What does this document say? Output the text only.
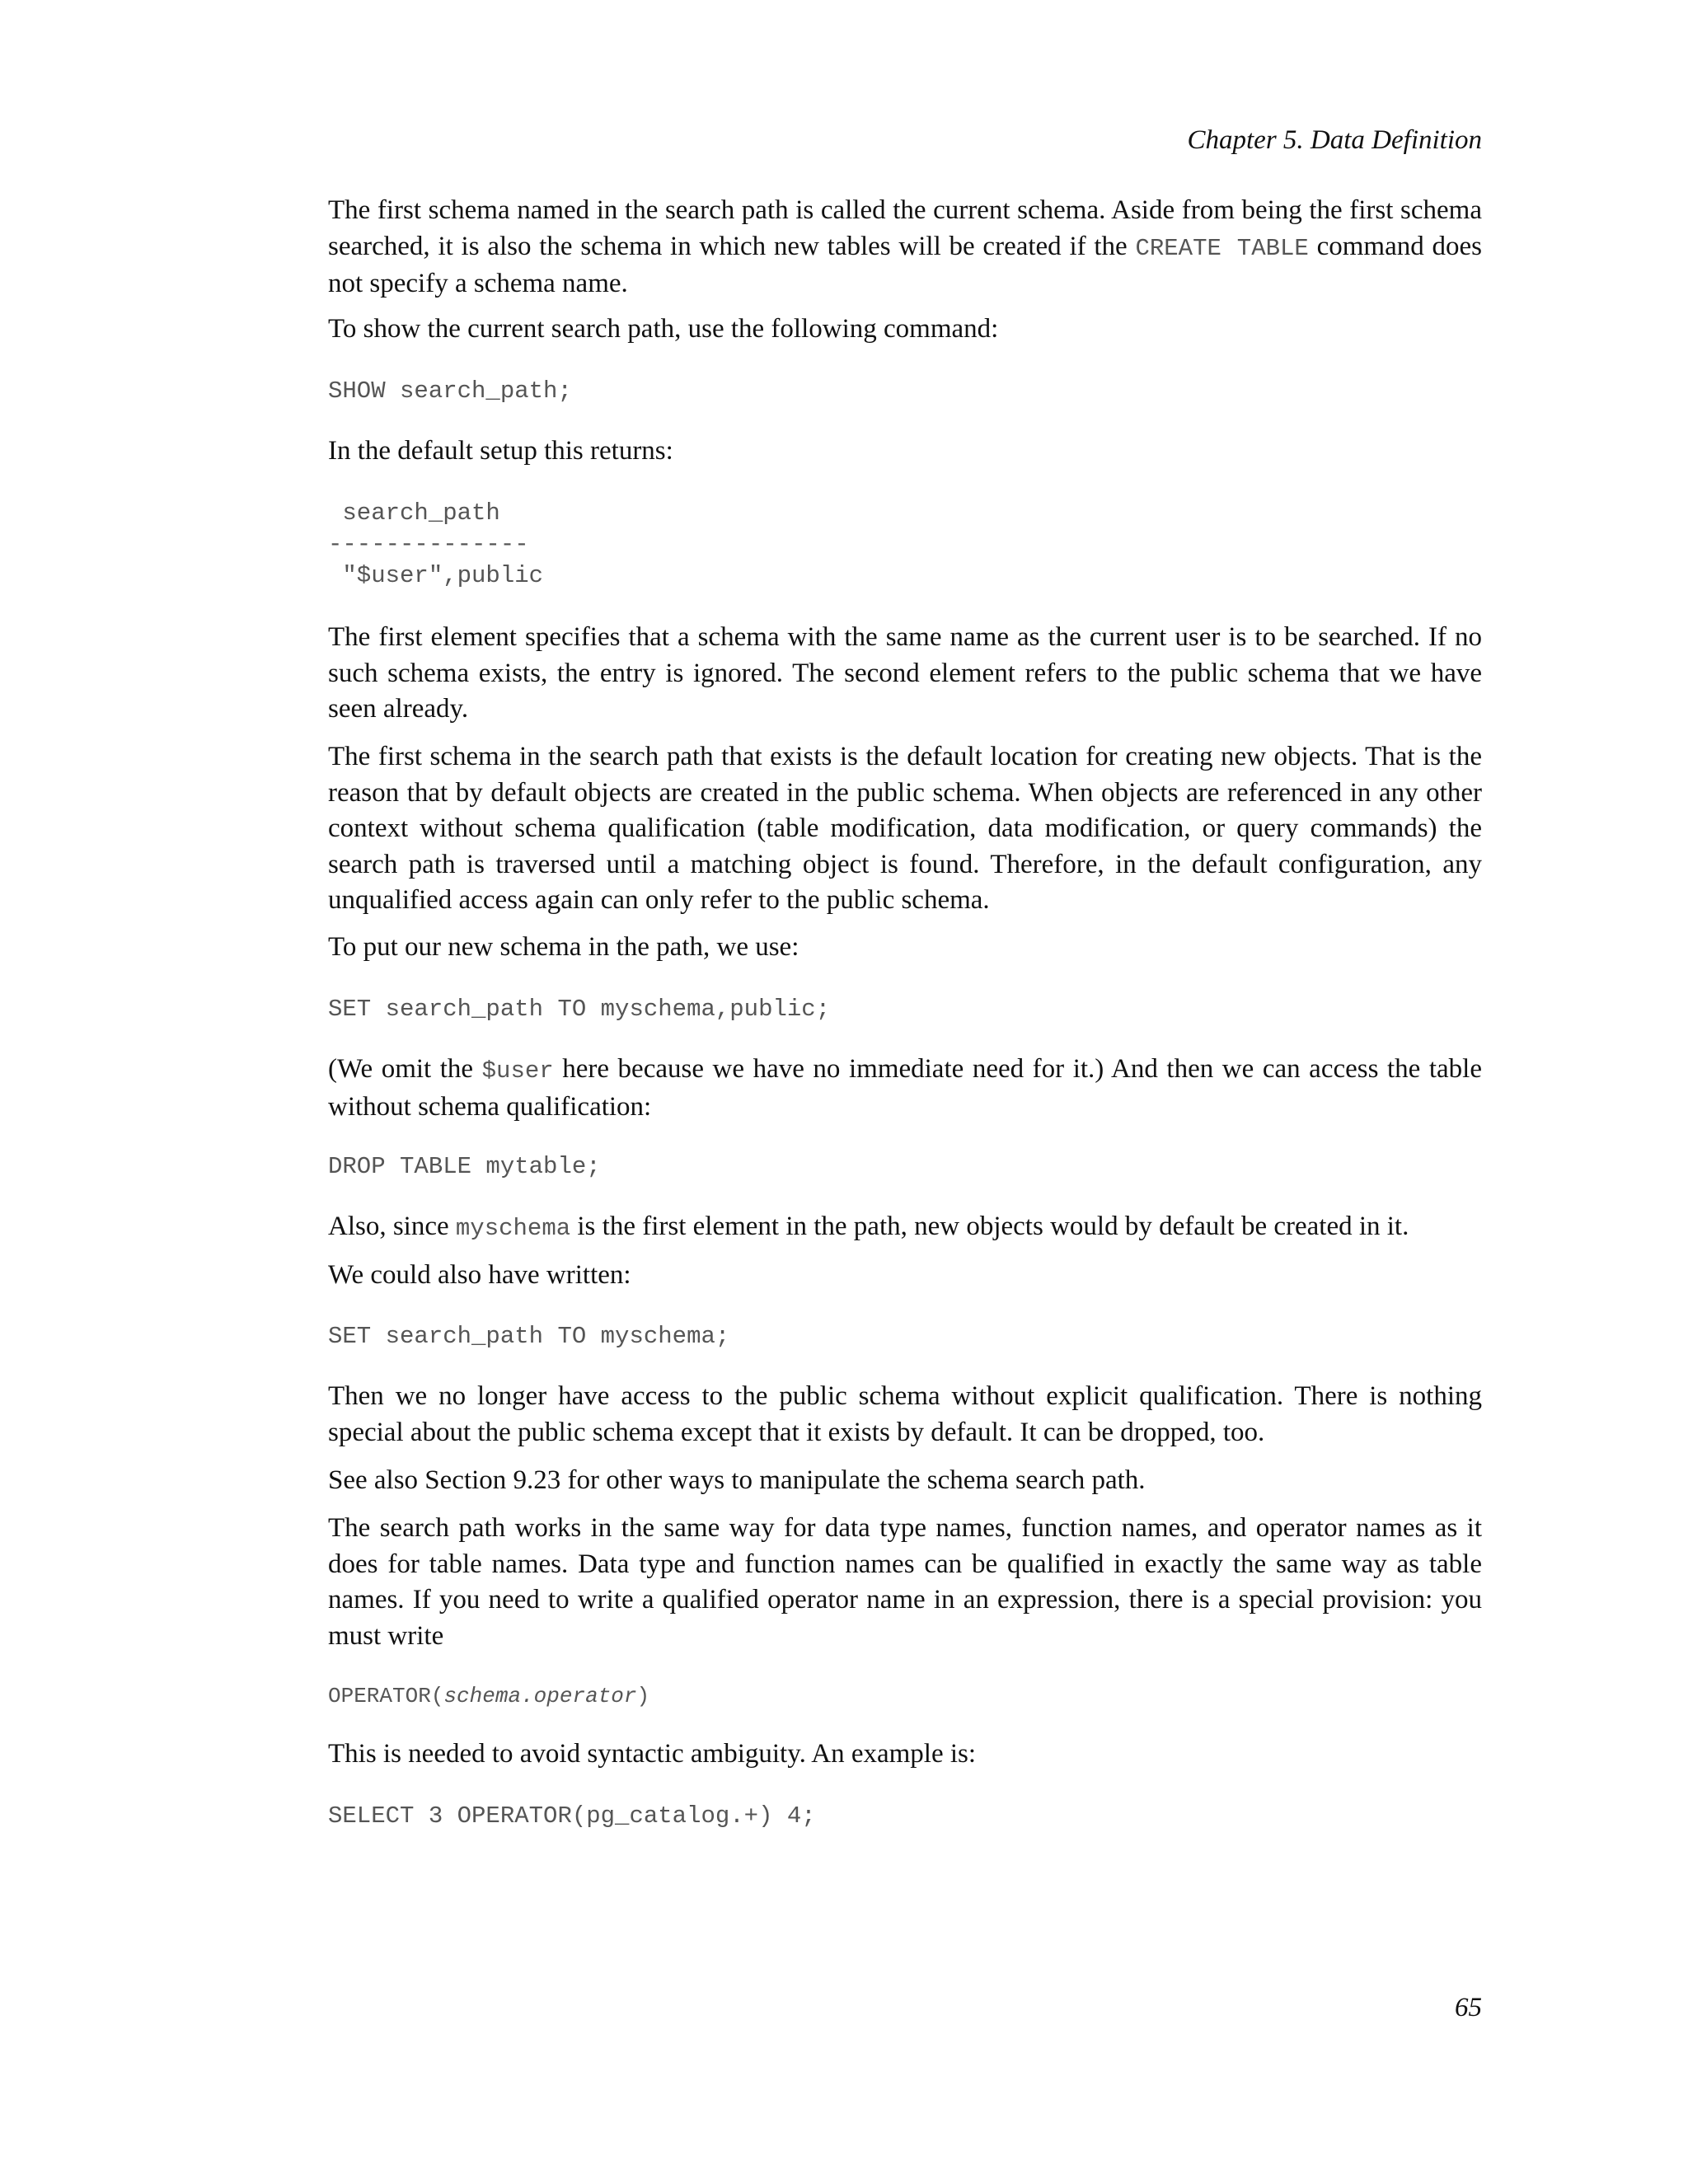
Chapter 5. Data Definition

The first schema named in the search path is called the current schema. Aside from being the first schema searched, it is also the schema in which new tables will be created if the CREATE TABLE command does not specify a schema name.

To show the current search path, use the following command:

SHOW search_path;

In the default setup this returns:

search_path
--------------
"$user",public

The first element specifies that a schema with the same name as the current user is to be searched. If no such schema exists, the entry is ignored. The second element refers to the public schema that we have seen already.

The first schema in the search path that exists is the default location for creating new objects. That is the reason that by default objects are created in the public schema. When objects are referenced in any other context without schema qualification (table modification, data modification, or query commands) the search path is traversed until a matching object is found. Therefore, in the default configuration, any unqualified access again can only refer to the public schema.

To put our new schema in the path, we use:

SET search_path TO myschema,public;

(We omit the $user here because we have no immediate need for it.) And then we can access the table without schema qualification:

DROP TABLE mytable;

Also, since myschema is the first element in the path, new objects would by default be created in it.

We could also have written:

SET search_path TO myschema;

Then we no longer have access to the public schema without explicit qualification. There is nothing special about the public schema except that it exists by default. It can be dropped, too.

See also Section 9.23 for other ways to manipulate the schema search path.

The search path works in the same way for data type names, function names, and operator names as it does for table names. Data type and function names can be qualified in exactly the same way as table names. If you need to write a qualified operator name in an expression, there is a special provision: you must write

OPERATOR(schema.operator)

This is needed to avoid syntactic ambiguity. An example is:

SELECT 3 OPERATOR(pg_catalog.+) 4;
65
